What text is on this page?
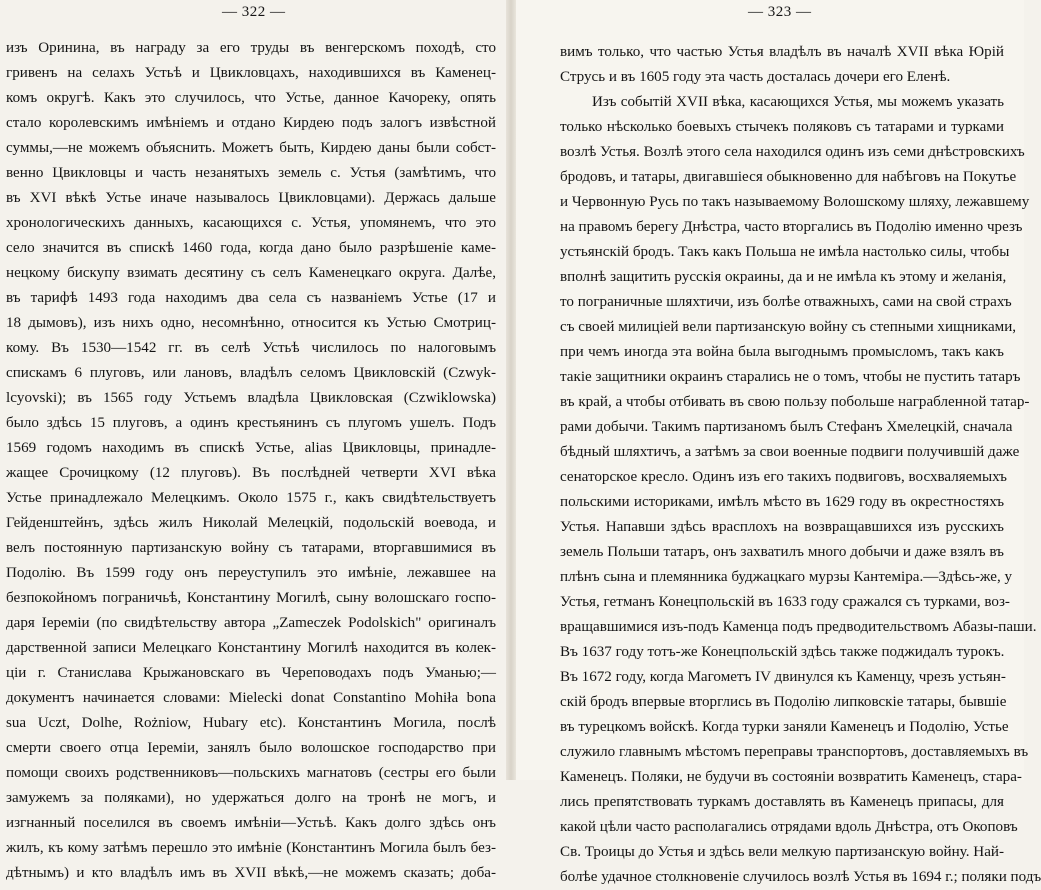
— 322 —
изъ Оринина, въ награду за его труды въ венгерскомъ походѣ, сто
гривенъ на селахъ Устьѣ и Цвикловцахъ, находившихся въ Каменец-
комъ округѣ. Какъ это случилось, что Устье, данное Качореку, опять
стало королевскимъ имѣніемъ и отдано Кирдею подъ залогъ извѣстной
суммы,—не можемъ объяснить. Можетъ быть, Кирдею даны были собст-
венно Цвикловцы и часть незанятыхъ земель с. Устья (замѣтимъ, что
въ XVI вѣкѣ Устье иначе называлось Цвикловцами). Держась дальше
хронологическихъ данныхъ, касающихся с. Устья, упомянемъ, что это
село значится въ спискѣ 1460 года, когда дано было разрѣшеніе каме-
нецкому бискупу взимать десятину съ селъ Каменецкаго округа. Далѣе,
въ тарифѣ 1493 года находимъ два села съ названіемъ Устье (17 и
18 дымовъ), изъ нихъ одно, несомнѣнно, относится къ Устью Смотриц-
кому. Въ 1530—1542 гг. въ селѣ Устьѣ числилось по налоговымъ
спискамъ 6 плуговъ, или лановъ, владѣлъ селомъ Цвикловскій (Czwyk-
lcyovski); въ 1565 году Устьемъ владѣла Цвикловская (Czwiklowska)
было здѣсь 15 плуговъ, а одинъ крестьянинъ съ плугомъ ушелъ. Подъ
1569 годомъ находимъ въ спискѣ Устье, alias Цвикловцы, принадле-
жащее Срочицкому (12 плуговъ). Въ послѣдней четверти XVI вѣка
Устье принадлежало Мелецкимъ. Около 1575 г., какъ свидѣтельствуетъ
Гейденштейнъ, здѣсь жилъ Николай Мелецкій, подольскій воевода, и
велъ постоянную партизанскую войну съ татарами, вторгавшимися въ
Подолію. Въ 1599 году онъ переуступилъ это имѣніе, лежавшее на
безпокойномъ пограничьѣ, Константину Могилѣ, сыну волошскаго госпо-
даря Іереміи (по свидѣтельству автора „Zameczek Podolskich" оригиналъ
дарственной записи Мелецкаго Константину Могилѣ находится въ колек-
ціи г. Станислава Крыжановскаго въ Череповодахъ подъ Уманью;—
документъ начинается словами: Mielecki donat Constantino Mohiła bona
sua Uczt, Dolhe, Rożniow, Hubary etc). Константинъ Могила, послѣ
смерти своего отца Іереміи, занялъ было волошское господарство при
помощи своихъ родственниковъ—польскихъ магнатовъ (сестры его были
замужемъ за поляками), но удержаться долго на тронѣ не могъ, и
изгнанный поселился въ своемъ имѣніи—Устьѣ. Какъ долго здѣсь онъ
жилъ, къ кому затѣмъ перешло это имѣніе (Константинъ Могила былъ без-
дѣтнымъ) и кто владѣлъ имъ въ XVII вѣкѣ,—не можемъ сказать; доба-
— 323 —
вимъ только, что частью Устья владѣлъ въ началѣ XVII вѣка Юрій
Струсь и въ 1605 году эта часть досталась дочери его Еленѣ.
Изъ событій XVII вѣка, касающихся Устья, мы можемъ указать
только нѣсколько боевыхъ стычекъ поляковъ съ татарами и турками
возлѣ Устья. Возлѣ этого села находился одинъ изъ семи днѣстровскихъ
бродовъ, и татары, двигавшіеся обыкновенно для набѣговъ на Покутье
и Червонную Русь по такъ называемому Волошскому шляху, лежавшему
на правомъ берегу Днѣстра, часто вторгались въ Подолію именно чрезъ
устьянскій бродъ. Такъ какъ Польша не имѣла настолько силы, чтобы
вполнѣ защитить русскія окраины, да и не имѣла къ этому и желанія,
то пограничные шляхтичи, изъ болѣе отважныхъ, сами на свой страхъ
съ своей милиціей вели партизанскую войну съ степными хищниками,
при чемъ иногда эта война была выгоднымъ промысломъ, такъ какъ
такіе защитники окраинъ старались не о томъ, чтобы не пустить татаръ
въ край, а чтобы отбивать въ свою пользу побольше награбленной татар-
рами добычи. Такимъ партизаномъ былъ Стефанъ Хмелецкій, сначала
бѣдный шляхтичъ, а затѣмъ за свои военные подвиги получившій даже
сенаторское кресло. Одинъ изъ его такихъ подвиговъ, восхваляемыхъ
польскими историками, имѣлъ мѣсто въ 1629 году въ окрестностяхъ
Устья. Напавши здѣсь врасплохъ на возвращавшихся изъ русскихъ
земель Польши татаръ, онъ захватилъ много добычи и даже взялъ въ
плѣнъ сына и племянника буджацкаго мурзы Кантеміра.—Здѣсь-же, у
Устья, гетманъ Конецпольскій въ 1633 году сражался съ турками, воз-
вращавшимися изъ-подъ Каменца подъ предводительствомъ Абазы-паши.
Въ 1637 году тотъ-же Конецпольскій здѣсь также поджидалъ турокъ.
Въ 1672 году, когда Магометъ IV двинулся къ Каменцу, чрезъ устьян-
скій бродъ впервые вторглись въ Подолію липковскіе татары, бывшіе
въ турецкомъ войскѣ. Когда турки заняли Каменецъ и Подолію, Устье
служило главнымъ мѣстомъ переправы транспортовъ, доставляемыхъ въ
Каменецъ. Поляки, не будучи въ состояніи возвратить Каменецъ, стара-
лись препятствовать туркамъ доставлять въ Каменецъ припасы, для
какой цѣли часто располагались отрядами вдоль Днѣстра, отъ Окоповъ
Св. Троицы до Устья и здѣсь вели мелкую партизанскую войну. Най-
болѣе удачное столкновеніе случилось возлѣ Устья въ 1694 г.; поляки подъ
